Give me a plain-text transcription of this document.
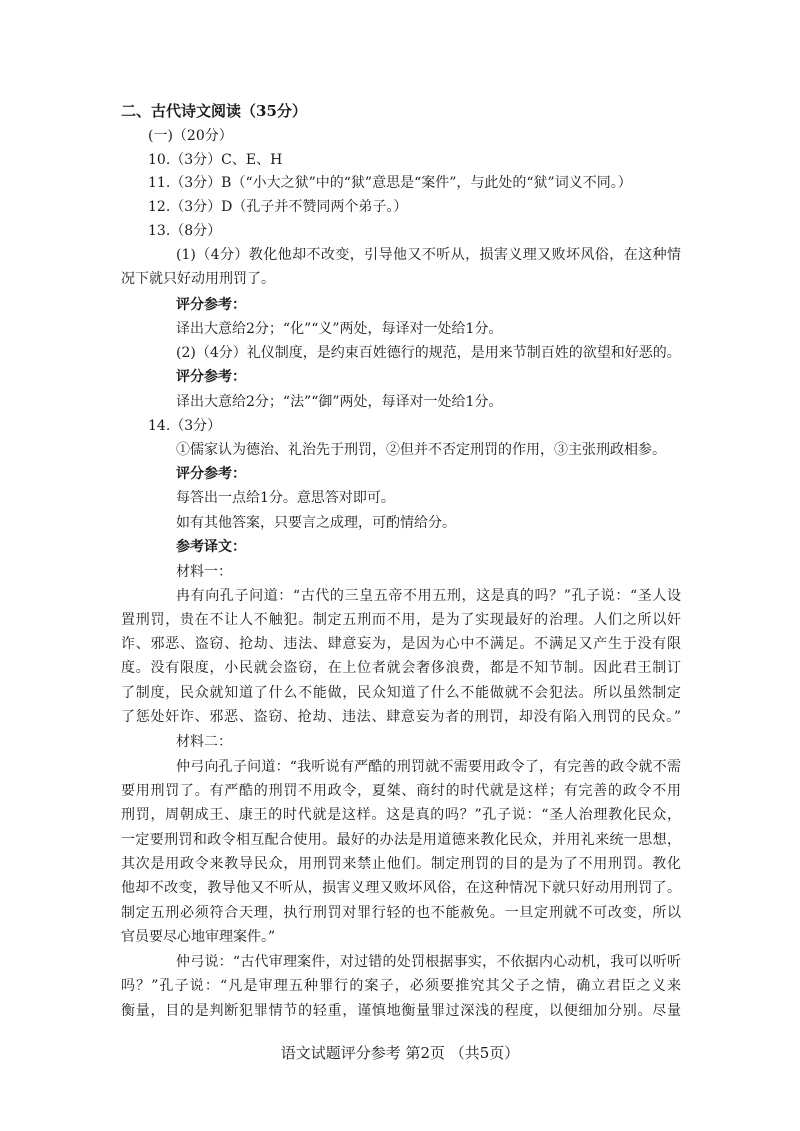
二、古代诗文阅读（35分）
(一)（20分）
10.（3分）C、E、H
11.（3分）B（“小大之狱”中的“狱”意思是“案件”，与此处的“狱”词义不同。）
12.（3分）D（孔子并不赞同两个弟子。）
13.（8分）
(1)（4分）教化他却不改变，引导他又不听从，损害义理又败坏风俗，在这种情
况下就只好动用刑罚了。
评分参考：
译出大意给2分；“化”“义”两处，每译对一处给1分。
(2)（4分）礼仪制度，是约束百姓德行的规范，是用来节制百姓的欲望和好恶的。
评分参考：
译出大意给2分；“法”“御”两处，每译对一处给1分。
14.（3分）
①儒家认为德治、礼治先于刑罚，②但并不否定刑罚的作用，③主张刑政相参。
评分参考：
每答出一点给1分。意思答对即可。
如有其他答案，只要言之成理，可酌情给分。
参考译文：
材料一：
冉有向孔子问道：“古代的三皇五帝不用五刑，这是真的吗？”孔子说：“圣人设
置刑罚，贵在不让人不触犯。制定五刑而不用，是为了实现最好的治理。人们之所以奸
诈、邪恶、盗窃、抢劫、违法、肆意妄为，是因为心中不满足。不满足又产生于没有限
度。没有限度，小民就会盗窃，在上位者就会奢侈浪费，都是不知节制。因此君王制订
了制度，民众就知道了什么不能做，民众知道了什么不能做就不会犯法。所以虽然制定
了惩处奸诈、邪恶、盗窃、抢劫、违法、肆意妄为者的刑罚，却没有陷入刑罚的民众。”
材料二：
仲弓向孔子问道：“我听说有严酷的刑罚就不需要用政令了，有完善的政令就不需
要用刑罚了。有严酷的刑罚不用政令，夏桀、商纣的时代就是这样；有完善的政令不用
刑罚，周朝成王、康王的时代就是这样。这是真的吗？”孔子说：“圣人治理教化民众，
一定要刑罚和政令相互配合使用。最好的办法是用道德来教化民众，并用礼来统一思想，
其次是用政令来教导民众，用刑罚来禁止他们。制定刑罚的目的是为了不用刑罚。教化
他却不改变，教导他又不听从，损害义理又败坏风俗，在这种情况下就只好动用刑罚了。
制定五刑必须符合天理，执行刑罚对罪行轻的也不能赦免。一旦定刑就不可改变，所以
官员要尽心地审理案件。”
仲弓说：“古代审理案件，对过错的处罚根据事实，不依据内心动机，我可以听听
吗？”孔子说：“凡是审理五种罪行的案子，必须要推究其父子之情，确立君臣之义来
衡量，目的是判断犯罪情节的轻重，谨慎地衡量罪过深浅的程度，以便细加分别。尽量
语文试题评分参考 第2页 （共5页）
